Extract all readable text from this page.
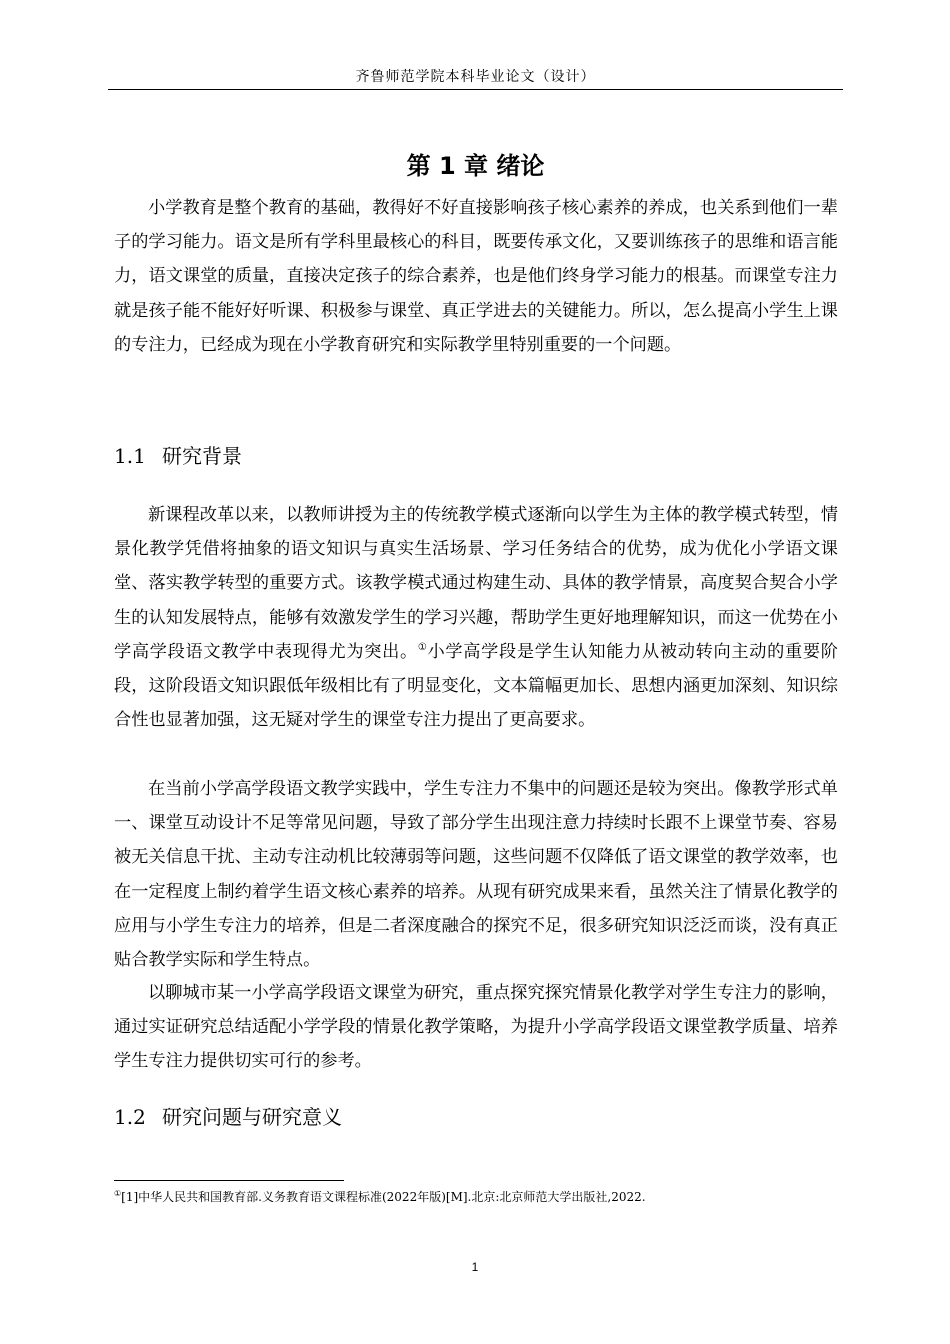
齐鲁师范学院本科毕业论文（设计）
第 1 章 绪论

小学教育是整个教育的基础，教得好不好直接影响孩子核心素养的养成，也关系到他们一辈子的学习能力。语文是所有学科里最核心的科目，既要传承文化，又要训练孩子的思维和语言能力，语文课堂的质量，直接决定孩子的综合素养，也是他们终身学习能力的根基。而课堂专注力就是孩子能不能好好听课、积极参与课堂、真正学进去的关键能力。所以，怎么提高小学生上课的专注力，已经成为现在小学教育研究和实际教学里特别重要的一个问题。

1.1 研究背景

新课程改革以来，以教师讲授为主的传统教学模式逐渐向以学生为主体的教学模式转型，情景化教学凭借将抽象的语文知识与真实生活场景、学习任务结合的优势，成为优化小学语文课堂、落实教学转型的重要方式。该教学模式通过构建生动、具体的教学情景，高度契合契合小学生的认知发展特点，能够有效激发学生的学习兴趣，帮助学生更好地理解知识，而这一优势在小学高学段语文教学中表现得尤为突出。①小学高学段是学生认知能力从被动转向主动的重要阶段，这阶段语文知识跟低年级相比有了明显变化，文本篇幅更加长、思想内涵更加深刻、知识综合性也显著加强，这无疑对学生的课堂专注力提出了更高要求。

在当前小学高学段语文教学实践中，学生专注力不集中的问题还是较为突出。像教学形式单一、课堂互动设计不足等常见问题，导致了部分学生出现注意力持续时长跟不上课堂节奏、容易被无关信息干扰、主动专注动机比较薄弱等问题，这些问题不仅降低了语文课堂的教学效率，也在一定程度上制约着学生语文核心素养的培养。从现有研究成果来看，虽然关注了情景化教学的应用与小学生专注力的培养，但是二者深度融合的探究不足，很多研究知识泛泛而谈，没有真正贴合教学实际和学生特点。

以聊城市某一小学高学段语文课堂为研究，重点探究探究情景化教学对学生专注力的影响，通过实证研究总结适配小学学段的情景化教学策略，为提升小学高学段语文课堂教学质量、培养学生专注力提供切实可行的参考。

1.2 研究问题与研究意义
①[1]中华人民共和国教育部.义务教育语文课程标准(2022年版)[M].北京:北京师范大学出版社,2022.
1
